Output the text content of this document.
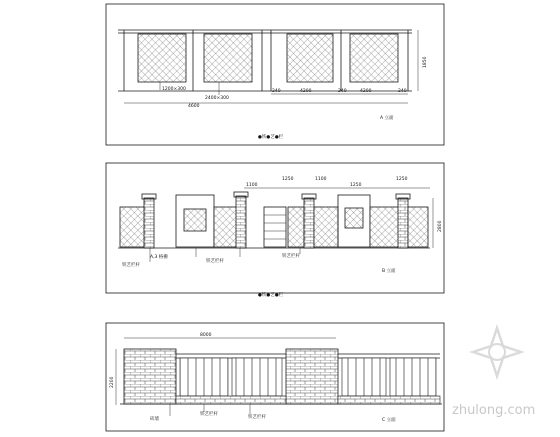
1200×300
2400×300
4600
240	4200	240	4200	240
1850
●铁●艺●栏
A 立面
1100
1250	1100
1250
1250
2800
铁艺栏杆
A,3 格栅
铁艺栏杆
铁艺栏杆
●铁●艺●栏
B 立面
8000
2200
砖墙
铁艺栏杆
铁艺栏杆
C 立面
zhulong.com
